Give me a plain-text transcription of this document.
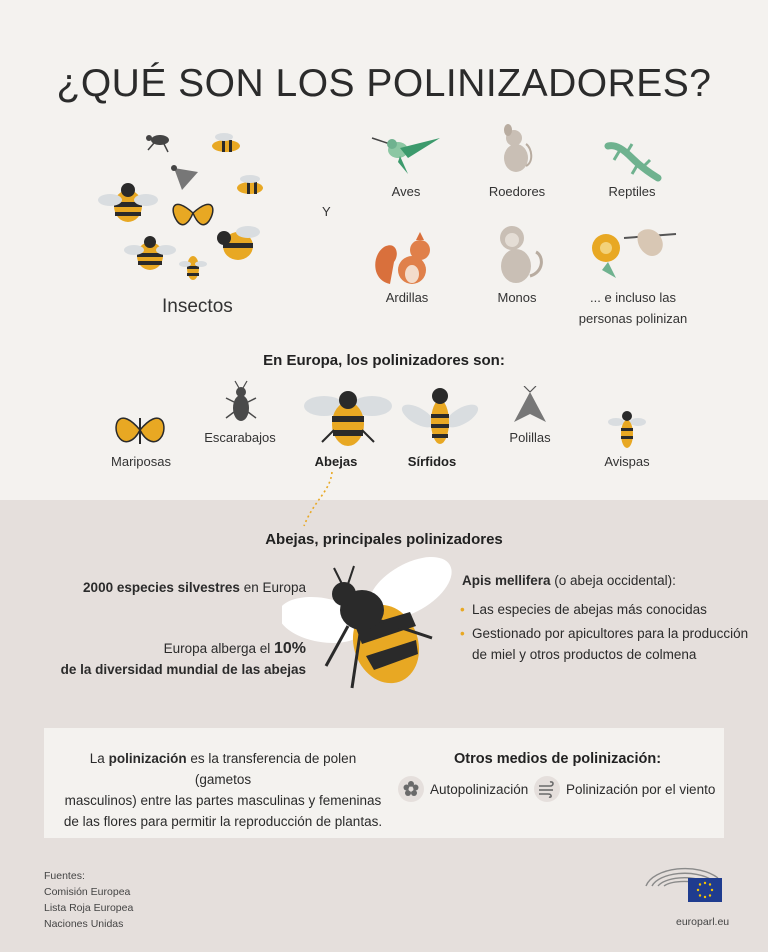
¿QUÉ SON LOS POLINIZADORES?
Insectos
Y
Aves	Roedores	Reptiles
Ardillas	Monos	... e incluso las
personas polinizan
En Europa, los polinizadores son:
Mariposas
Escarabajos
Abejas	Sírfidos
Polillas
Avispas
Abejas, principales polinizadores
2000 especies silvestres en Europa
Europa alberga el 10%
de la diversidad mundial de las abejas
Apis mellifera (o abeja occidental):
• Las especies de abejas más conocidas
• Gestionado por apicultores para la producción
de miel y otros productos de colmena
La polinización es la transferencia de polen (gametos
masculinos) entre las partes masculinas y femeninas
de las flores para permitir la reproducción de plantas.
Otros medios de polinización:
Autopolinización	Polinización por el viento
Fuentes:
Comisión Europea
Lista Roja Europea
Naciones Unidas	europarl.eu
